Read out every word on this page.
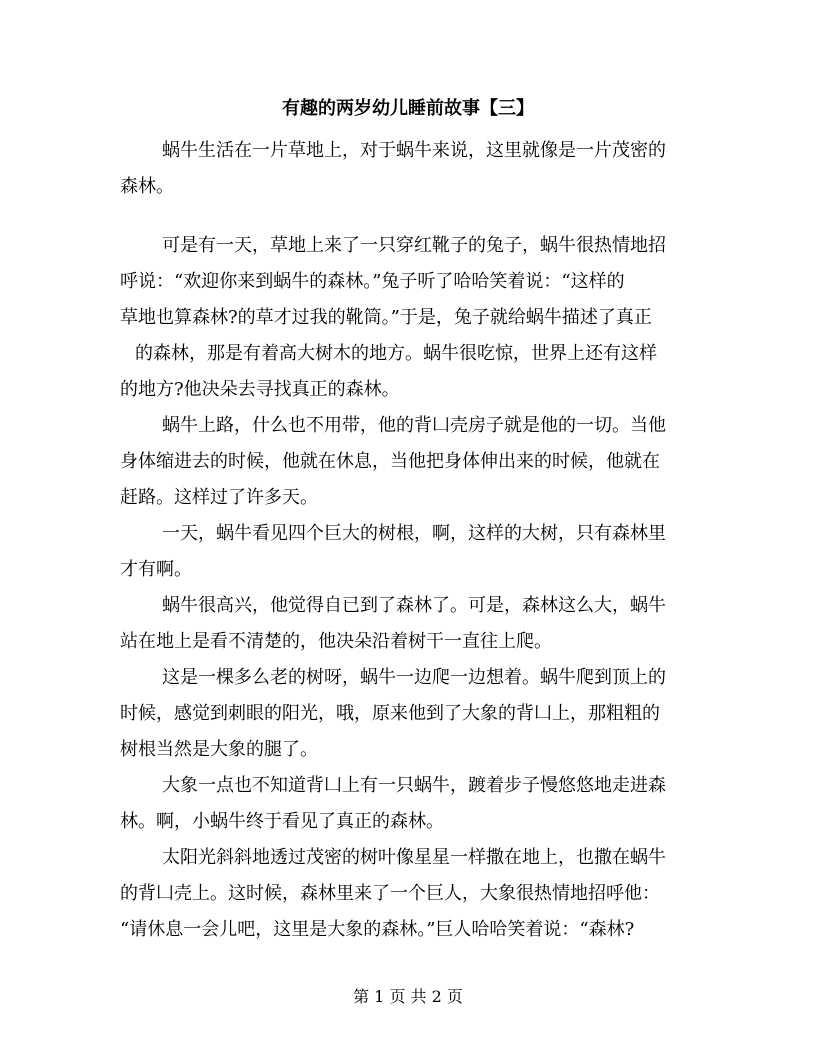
有趣的两岁幼儿睡前故事【三】
蜗牛生活在一片草地上，对于蜗牛来说，这里就像是一片茂密的
森林。
可是有一天，草地上来了一只穿红靴子的兔子，蜗牛很热情地招
呼说：“欢迎你来到蜗牛的森林。”兔子听了哈哈笑着说：“这样的
草地也算森林?的草才过我的靴筒。”于是，兔子就给蜗牛描述了真正
的森林，那是有着高大树木的地方。蜗牛很吃惊，世界上还有这样
的地方?他决朵去寻找真正的森林。
蜗牛上路，什么也不用带，他的背凵壳房子就是他的一切。当他
身体缩进去的时候，他就在休息，当他把身体伸出来的时候，他就在
赶路。这样过了许多天。
一天，蜗牛看见四个巨大的树根，啊，这样的大树，只有森林里
才有啊。
蜗牛很高兴，他觉得自已到了森林了。可是，森林这么大，蜗牛
站在地上是看不清楚的，他决朵沿着树干一直往上爬。
这是一棵多么老的树呀，蜗牛一边爬一边想着。蜗牛爬到顶上的
时候，感觉到刺眼的阳光，哦，原来他到了大象的背凵上，那粗粗的
树根当然是大象的腿了。
大象一点也不知道背凵上有一只蜗牛，踱着步子慢悠悠地走进森
林。啊，小蜗牛终于看见了真正的森林。
太阳光斜斜地透过茂密的树叶像星星一样撒在地上，也撒在蜗牛
的背凵壳上。这时候，森林里来了一个巨人，大象很热情地招呼他：
“请休息一会儿吧，这里是大象的森林。”巨人哈哈笑着说：“森林?
第 1 页 共 2 页
